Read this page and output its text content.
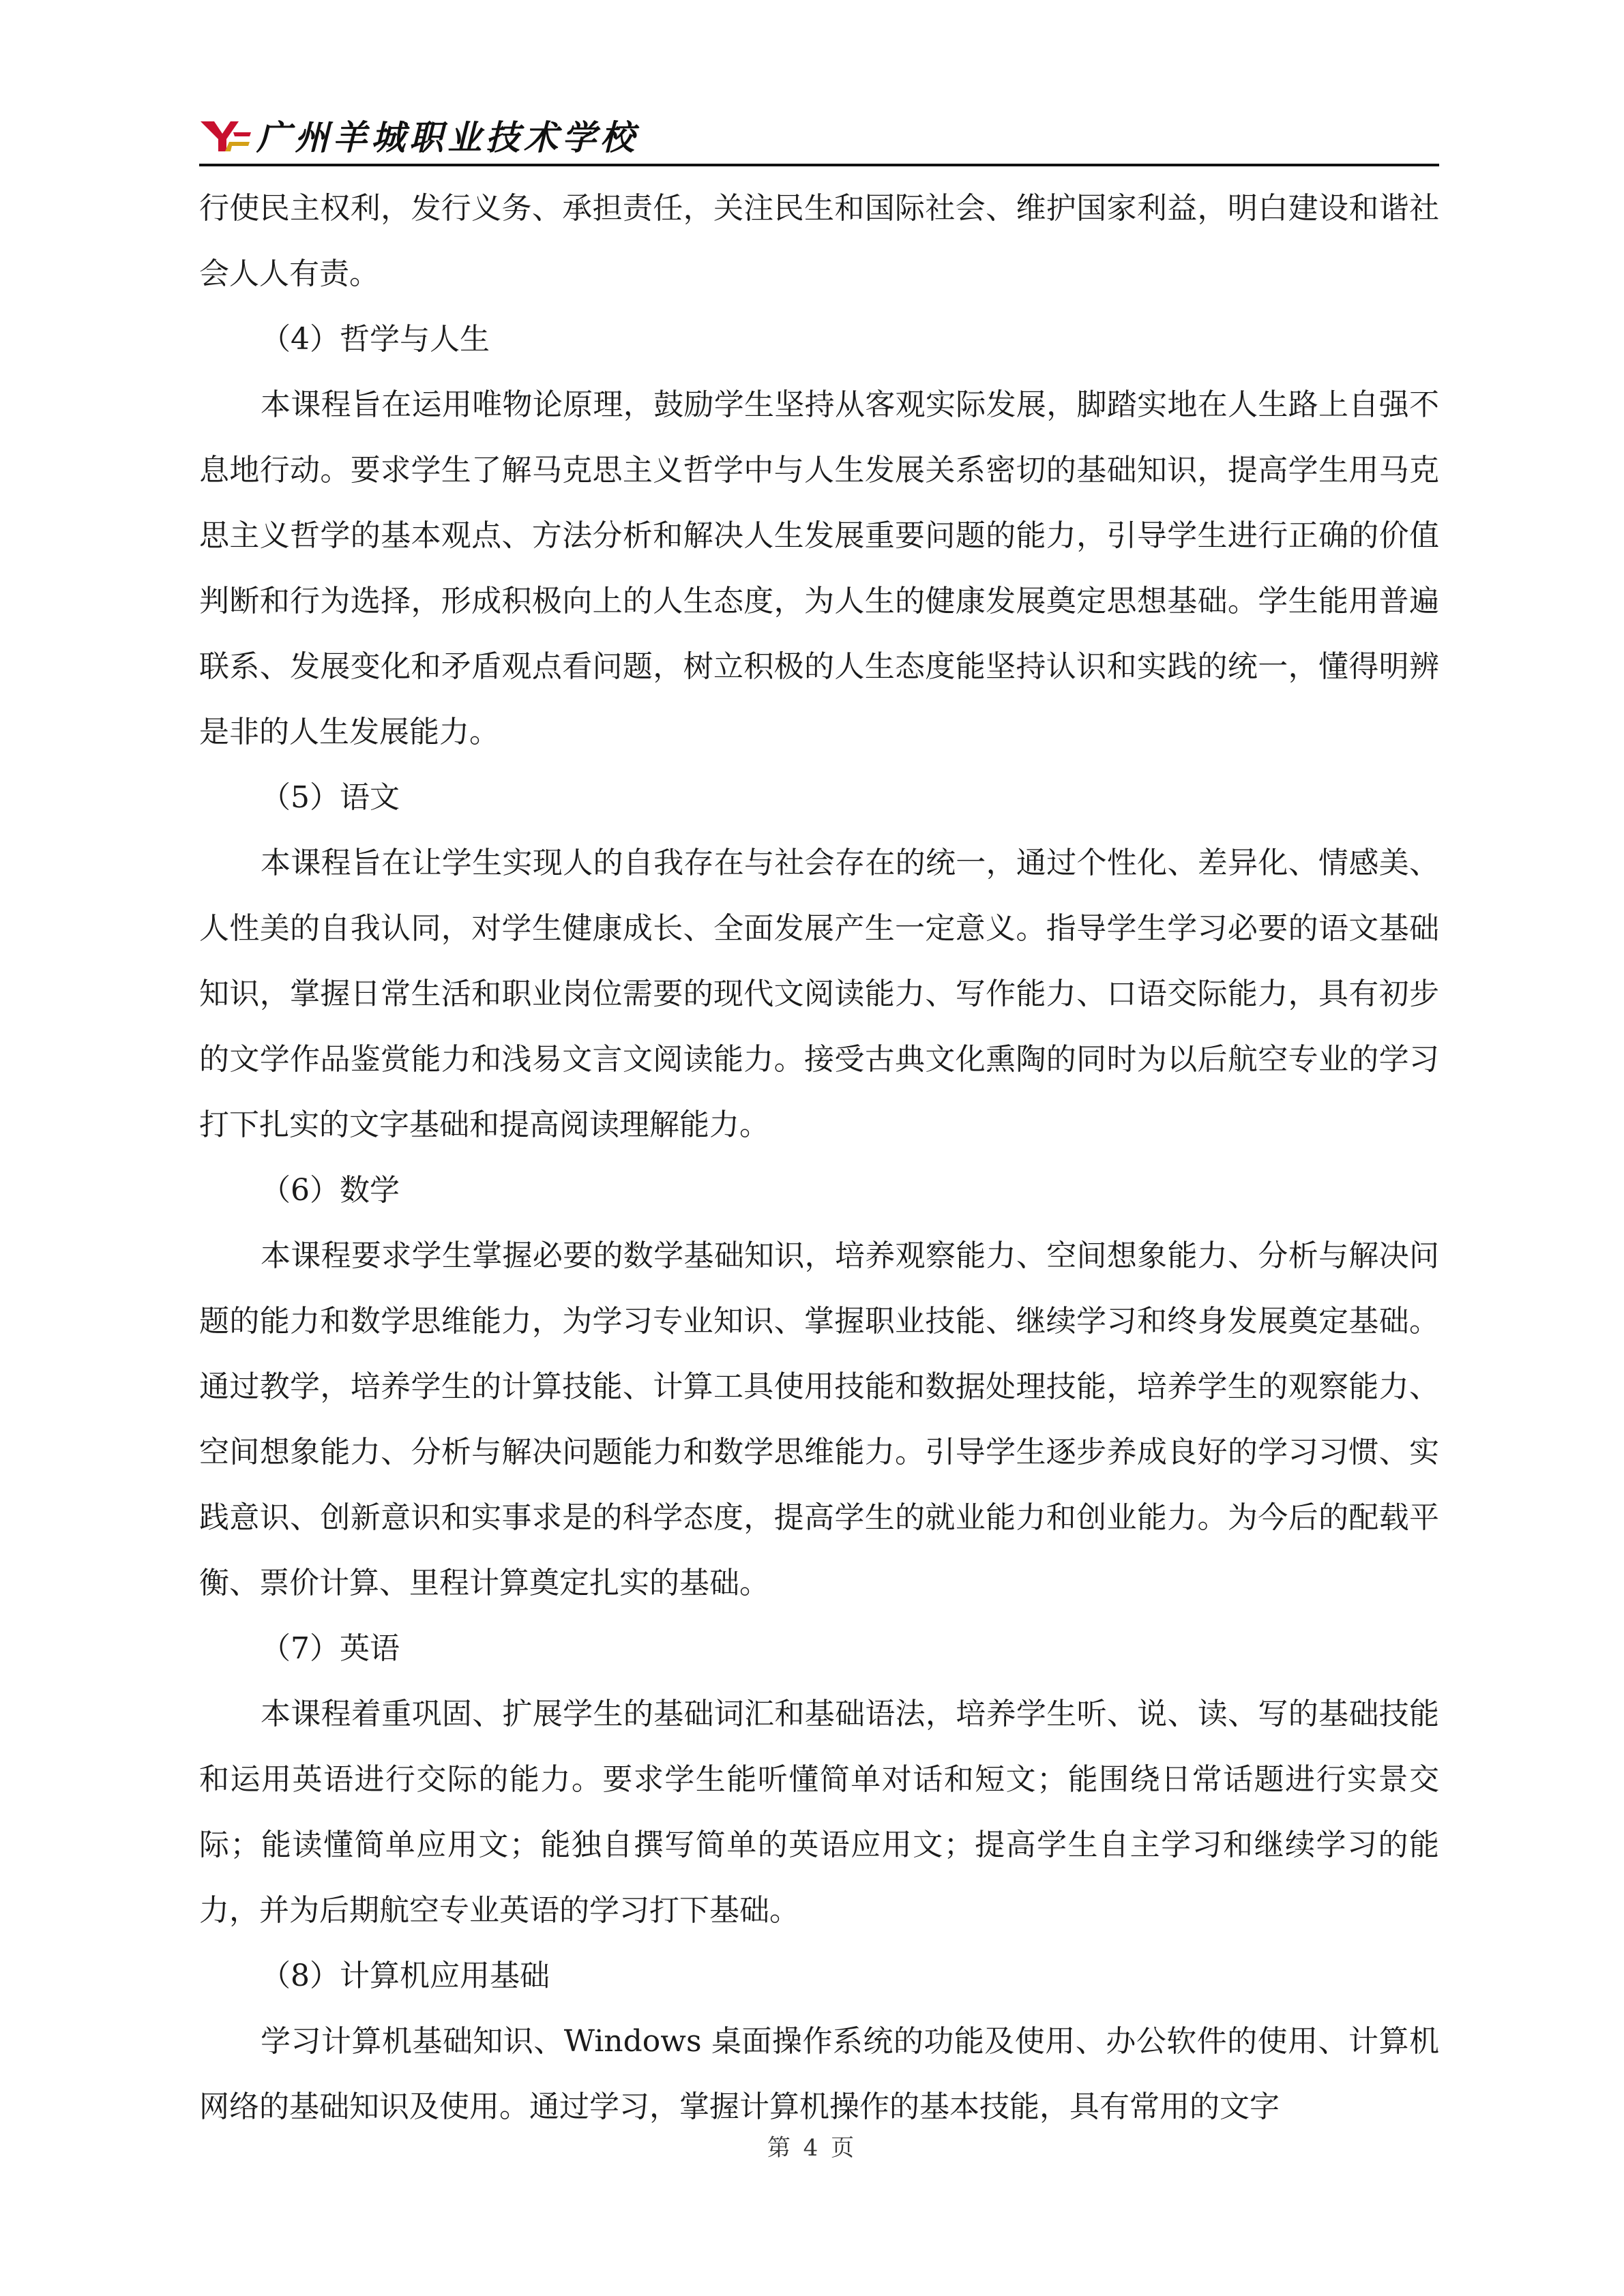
广州羊城职业技术学校

行使民主权利，发行义务、承担责任，关注民生和国际社会、维护国家利益，明白建设和谐社会人人有责。

（4）哲学与人生

本课程旨在运用唯物论原理，鼓励学生坚持从客观实际发展，脚踏实地在人生路上自强不息地行动。要求学生了解马克思主义哲学中与人生发展关系密切的基础知识，提高学生用马克思主义哲学的基本观点、方法分析和解决人生发展重要问题的能力，引导学生进行正确的价值判断和行为选择，形成积极向上的人生态度，为人生的健康发展奠定思想基础。学生能用普遍联系、发展变化和矛盾观点看问题，树立积极的人生态度能坚持认识和实践的统一，懂得明辨是非的人生发展能力。

（5）语文

本课程旨在让学生实现人的自我存在与社会存在的统一，通过个性化、差异化、情感美、人性美的自我认同，对学生健康成长、全面发展产生一定意义。指导学生学习必要的语文基础知识，掌握日常生活和职业岗位需要的现代文阅读能力、写作能力、口语交际能力，具有初步的文学作品鉴赏能力和浅易文言文阅读能力。接受古典文化熏陶的同时为以后航空专业的学习打下扎实的文字基础和提高阅读理解能力。

（6）数学

本课程要求学生掌握必要的数学基础知识，培养观察能力、空间想象能力、分析与解决问题的能力和数学思维能力，为学习专业知识、掌握职业技能、继续学习和终身发展奠定基础。通过教学，培养学生的计算技能、计算工具使用技能和数据处理技能，培养学生的观察能力、空间想象能力、分析与解决问题能力和数学思维能力。引导学生逐步养成良好的学习习惯、实践意识、创新意识和实事求是的科学态度，提高学生的就业能力和创业能力。为今后的配载平衡、票价计算、里程计算奠定扎实的基础。

（7）英语

本课程着重巩固、扩展学生的基础词汇和基础语法，培养学生听、说、读、写的基础技能和运用英语进行交际的能力。要求学生能听懂简单对话和短文；能围绕日常话题进行实景交际；能读懂简单应用文；能独自撰写简单的英语应用文；提高学生自主学习和继续学习的能力，并为后期航空专业英语的学习打下基础。

（8）计算机应用基础

学习计算机基础知识、Windows 桌面操作系统的功能及使用、办公软件的使用、计算机网络的基础知识及使用。通过学习，掌握计算机操作的基本技能，具有常用的文字

第 4 页
